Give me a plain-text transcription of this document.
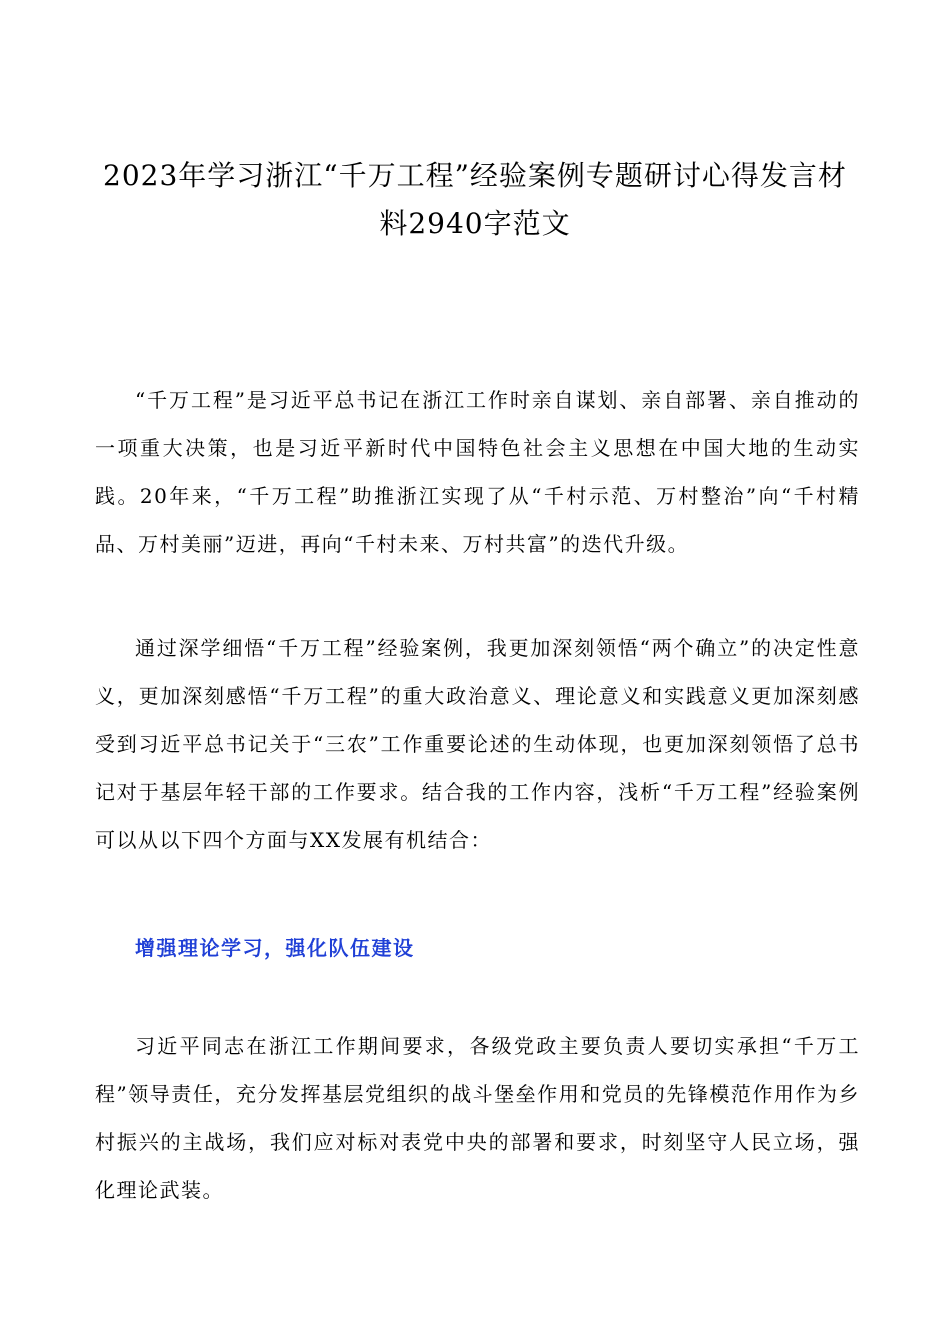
2023年学习浙江“千万工程”经验案例专题研讨心得发言材料2940字范文

“千万工程”是习近平总书记在浙江工作时亲自谋划、亲自部署、亲自推动的一项重大决策，也是习近平新时代中国特色社会主义思想在中国大地的生动实践。20年来，“千万工程”助推浙江实现了从“千村示范、万村整治”向“千村精品、万村美丽”迈进，再向“千村未来、万村共富”的迭代升级。

通过深学细悟“千万工程”经验案例，我更加深刻领悟“两个确立”的决定性意义，更加深刻感悟“千万工程”的重大政治意义、理论意义和实践意义更加深刻感受到习近平总书记关于“三农”工作重要论述的生动体现，也更加深刻领悟了总书记对于基层年轻干部的工作要求。结合我的工作内容，浅析“千万工程”经验案例可以从以下四个方面与XX发展有机结合：

增强理论学习，强化队伍建设

习近平同志在浙江工作期间要求，各级党政主要负责人要切实承担“千万工程”领导责任，充分发挥基层党组织的战斗堡垒作用和党员的先锋模范作用作为乡村振兴的主战场，我们应对标对表党中央的部署和要求，时刻坚守人民立场，强化理论武装。
